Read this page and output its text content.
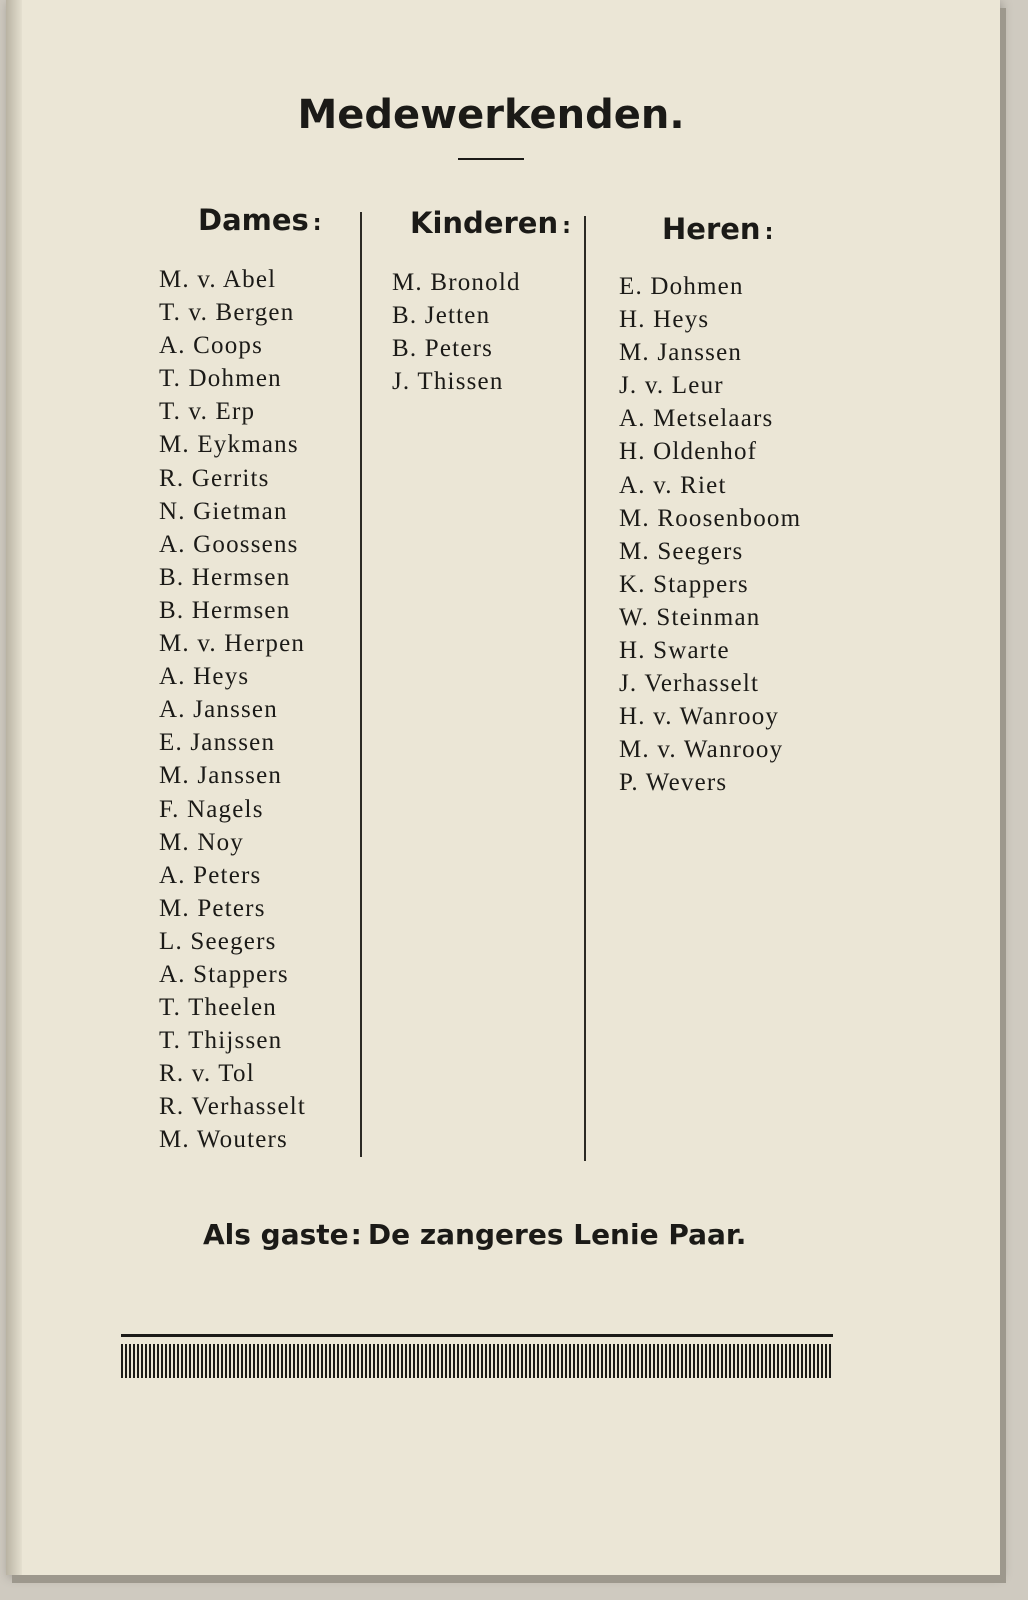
Medewerkenden.
Dames :
M. v. Abel
T. v. Bergen
A. Coops
T. Dohmen
T. v. Erp
M. Eykmans
R. Gerrits
N. Gietman
A. Goossens
B. Hermsen
B. Hermsen
M. v. Herpen
A. Heys
A. Janssen
E. Janssen
M. Janssen
F. Nagels
M. Noy
A. Peters
M. Peters
L. Seegers
A. Stappers
T. Theelen
T. Thijssen
R. v. Tol
R. Verhasselt
M. Wouters
Kinderen :
M. Bronold
B. Jetten
B. Peters
J. Thissen
Heren :
E. Dohmen
H. Heys
M. Janssen
J. v. Leur
A. Metselaars
H. Oldenhof
A. v. Riet
M. Roosenboom
M. Seegers
K. Stappers
W. Steinman
H. Swarte
J. Verhasselt
H. v. Wanrooy
M. v. Wanrooy
P. Wevers
Als gaste: De zangeres Lenie Paar.
